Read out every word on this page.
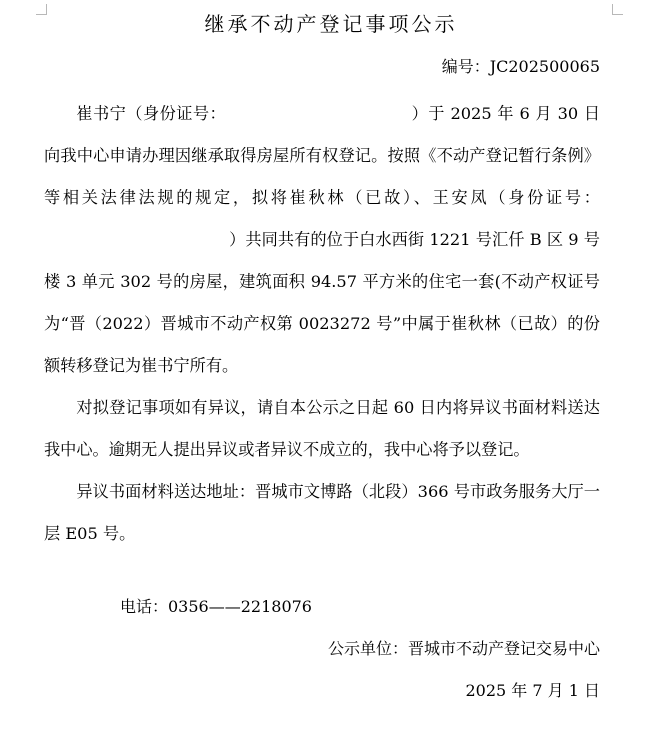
继承不动产登记事项公示
编号：JC202500065

崔书宁（身份证号：	）于 2025 年 6 月 30 日向我中心申请办理因继承取得房屋所有权登记。按照《不动产登记暂行条例》等相关法律法规的规定，拟将崔秋林（已故）、王安凤（身份证号：）共同共有的位于白水西街 1221 号汇仟 B 区 9 号楼 3 单元 302 号的房屋，建筑面积 94.57 平方米的住宅一套(不动产权证号为“晋（2022）晋城市不动产权第 0023272 号”中属于崔秋林（已故）的份额转移登记为崔书宁所有。

对拟登记事项如有异议，请自本公示之日起 60 日内将异议书面材料送达我中心。逾期无人提出异议或者异议不成立的，我中心将予以登记。

异议书面材料送达地址：晋城市文博路（北段）366 号市政务服务大厅一层 E05 号。

电话：0356——2218076
公示单位：晋城市不动产登记交易中心
2025 年 7 月 1 日
